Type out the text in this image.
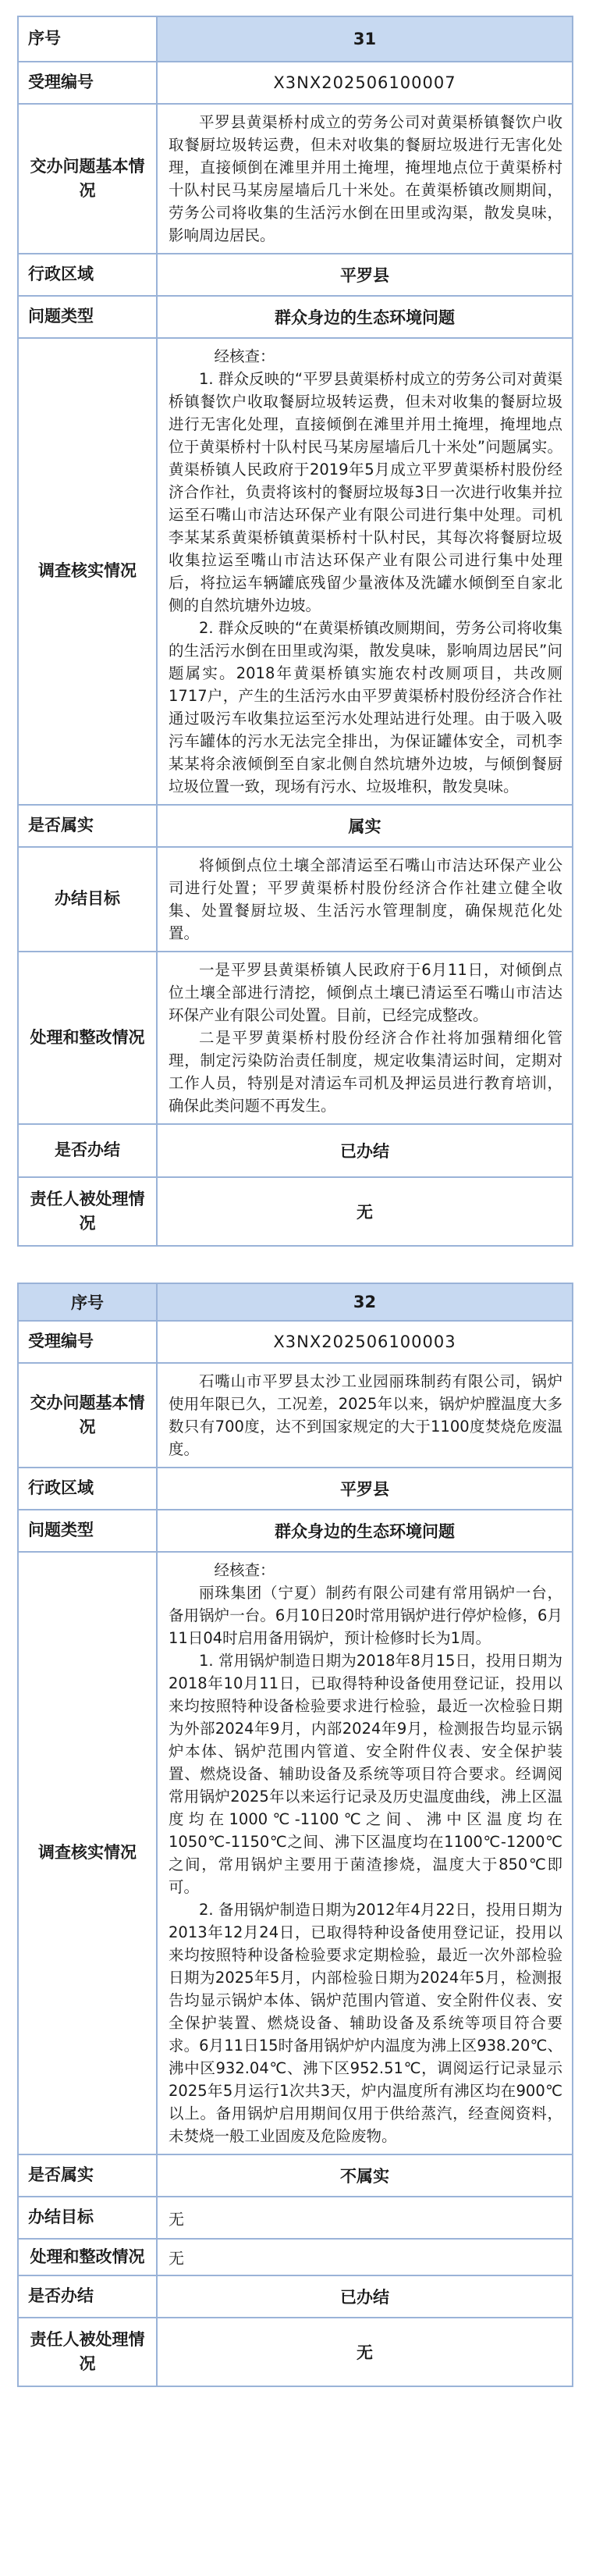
序号	31
受理编号	X3NX202506100007
交办问题基本情况	平罗县黄渠桥村成立的劳务公司对黄渠桥镇餐饮户收取餐厨垃圾转运费，但未对收集的餐厨垃圾进行无害化处理，直接倾倒在滩里并用土掩埋，掩埋地点位于黄渠桥村十队村民马某房屋墙后几十米处。在黄渠桥镇改厕期间，劳务公司将收集的生活污水倒在田里或沟渠，散发臭味，影响周边居民。

行政区域	平罗县
问题类型	群众身边的生态环境问题
调查核实情况	经核查：

1. 群众反映的“平罗县黄渠桥村成立的劳务公司对黄渠桥镇餐饮户收取餐厨垃圾转运费，但未对收集的餐厨垃圾进行无害化处理，直接倾倒在滩里并用土掩埋，掩埋地点位于黄渠桥村十队村民马某房屋墙后几十米处”问题属实。黄渠桥镇人民政府于2019年5月成立平罗黄渠桥村股份经济合作社，负责将该村的餐厨垃圾每3日一次进行收集并拉运至石嘴山市洁达环保产业有限公司进行集中处理。司机李某某系黄渠桥镇黄渠桥村十队村民，其每次将餐厨垃圾收集拉运至嘴山市洁达环保产业有限公司进行集中处理后，将拉运车辆罐底残留少量液体及洗罐水倾倒至自家北侧的自然坑塘外边坡。

2. 群众反映的“在黄渠桥镇改厕期间，劳务公司将收集的生活污水倒在田里或沟渠，散发臭味，影响周边居民”问题属实。2018年黄渠桥镇实施农村改厕项目，共改厕1717户，产生的生活污水由平罗黄渠桥村股份经济合作社通过吸污车收集拉运至污水处理站进行处理。由于吸入吸污车罐体的污水无法完全排出，为保证罐体安全，司机李某某将余液倾倒至自家北侧自然坑塘外边坡，与倾倒餐厨垃圾位置一致，现场有污水、垃圾堆积，散发臭味。

是否属实	属实
办结目标	将倾倒点位土壤全部清运至石嘴山市洁达环保产业公司进行处置；平罗黄渠桥村股份经济合作社建立健全收集、处置餐厨垃圾、生活污水管理制度，确保规范化处置。

处理和整改情况	一是平罗县黄渠桥镇人民政府于6月11日，对倾倒点位土壤全部进行清挖，倾倒点土壤已清运至石嘴山市洁达环保产业有限公司处置。目前，已经完成整改。

二是平罗黄渠桥村股份经济合作社将加强精细化管理，制定污染防治责任制度，规定收集清运时间，定期对工作人员，特别是对清运车司机及押运员进行教育培训，确保此类问题不再发生。

是否办结	已办结
责任人被处理情况	无
序号	32
受理编号	X3NX202506100003
交办问题基本情况	石嘴山市平罗县太沙工业园丽珠制药有限公司，锅炉使用年限已久，工况差，2025年以来，锅炉炉膛温度大多数只有700度，达不到国家规定的大于1100度焚烧危废温度。

行政区域	平罗县
问题类型	群众身边的生态环境问题
调查核实情况	经核查：

丽珠集团（宁夏）制药有限公司建有常用锅炉一台，备用锅炉一台。6月10日20时常用锅炉进行停炉检修，6月11日04时启用备用锅炉，预计检修时长为1周。

1. 常用锅炉制造日期为2018年8月15日，投用日期为2018年10月11日，已取得特种设备使用登记证，投用以来均按照特种设备检验要求进行检验，最近一次检验日期为外部2024年9月，内部2024年9月，检测报告均显示锅炉本体、锅炉范围内管道、安全附件仪表、安全保护装置、燃烧设备、辅助设备及系统等项目符合要求。经调阅常用锅炉2025年以来运行记录及历史温度曲线，沸上区温度均在1000℃-1100℃之间、沸中区温度均在1050℃-1150℃之间、沸下区温度均在1100℃-1200℃之间，常用锅炉主要用于菌渣掺烧，温度大于850℃即可。

2. 备用锅炉制造日期为2012年4月22日，投用日期为2013年12月24日，已取得特种设备使用登记证，投用以来均按照特种设备检验要求定期检验，最近一次外部检验日期为2025年5月，内部检验日期为2024年5月，检测报告均显示锅炉本体、锅炉范围内管道、安全附件仪表、安全保护装置、燃烧设备、辅助设备及系统等项目符合要求。6月11日15时备用锅炉炉内温度为沸上区938.20℃、沸中区932.04℃、沸下区952.51℃，调阅运行记录显示2025年5月运行1次共3天，炉内温度所有沸区均在900℃以上。备用锅炉启用期间仅用于供给蒸汽，经查阅资料，未焚烧一般工业固废及危险废物。

是否属实	不属实
办结目标	无
处理和整改情况	无
是否办结	已办结
责任人被处理情况	无
